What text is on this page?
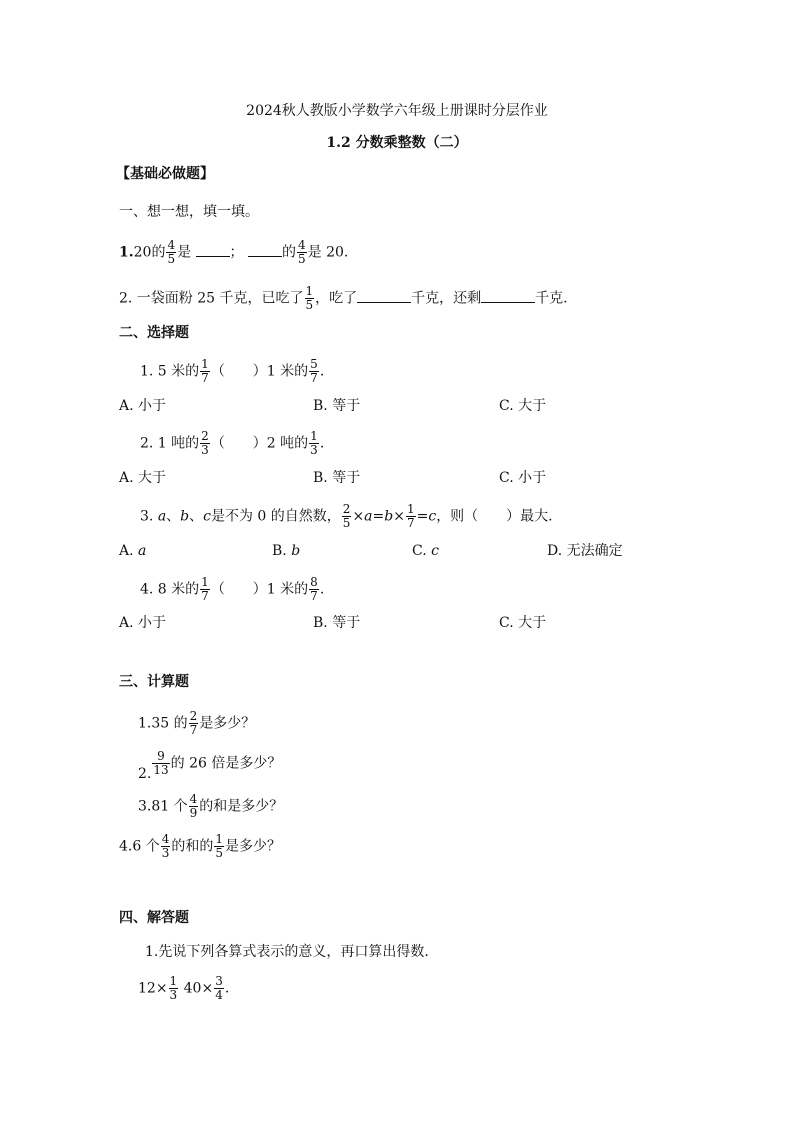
2024秋人教版小学数学六年级上册课时分层作业
1.2 分数乘整数（二）
【基础必做题】
一、想一想，填一填。
1.20的 $\frac{4}{5}$ 是	；	的 $\frac{4}{5}$ 是 20.
2. 一袋面粉 25 千克，已吃了 $\frac{1}{5}$ ，吃了	千克，还剩	千克.
二、选择题
1. 5 米的 $\frac{1}{7}$ （　　）1 米的 $\frac{5}{7}$ .
A. 小于	B. 等于	C. 大于
2. 1 吨的 $\frac{2}{3}$ （　　）2 吨的 $\frac{1}{3}$ .
A. 大于	B. 等于	C. 小于
3. a、b、c是不为 0 的自然数， $\frac{2}{5} \times a=b\times \frac{1}{7} =c$，则（　　）最大.
A. a	B. b	C. c	D. 无法确定
4. 8 米的 $\frac{1}{7}$ （　　）1 米的 $\frac{8}{7}$ .
A. 小于	B. 等于	C. 大于
三、计算题
1.35 的 $\frac{2}{7}$ 是多少？
2. $\frac{9}{13}$ 的 26 倍是多少？
3.81 个 $\frac{4}{9}$ 的和是多少？
4.6 个 $\frac{4}{3}$ 的和的 $\frac{1}{5}$ 是多少？
四、解答题
1.先说下列各算式表示的意义，再口算出得数.
$12\times \frac{1}{3} 40\times \frac{3}{4}$ .
